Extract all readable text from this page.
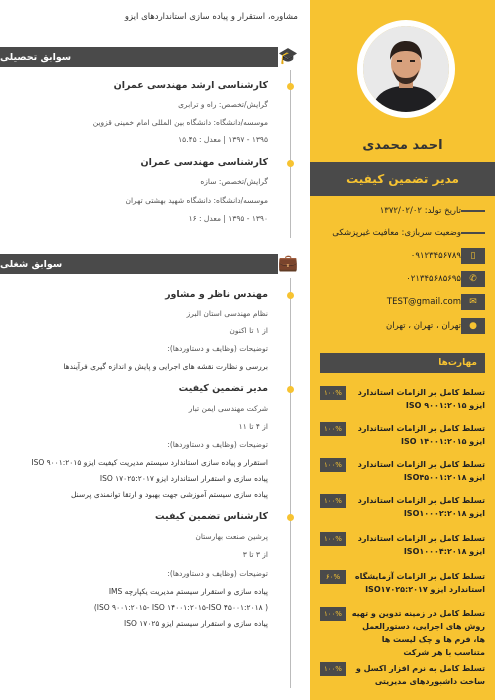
احمد محمدی
مدیر تضمین کیفیت
تاریخ تولد: ۱۳۷۲/۰۲/۰۲
وضعیت سربازی: معافیت غیرپزشکی
▯
۰۹۱۲۳۴۵۶۷۸۹
✆
۰۲۱۳۴۵۶۸۵۶۹۵
✉
TEST@gmail.com
●
تهران ، تهران ، تهران
مهارت‌ها
تسلط کامل بر الزامات استاندارد ایزو ISO ۹۰۰۱:۲۰۱۵
۱۰۰%
تسلط کامل بر الزامات استاندارد ایزو ISO ۱۴۰۰۱:۲۰۱۵
۱۰۰%
تسلط کامل بر الزامات استاندارد ایزو ISO۴۵۰۰۱:۲۰۱۸
۱۰۰%
تسلط کامل بر الزامات استاندارد ایزو ISO۱۰۰۰۲:۲۰۱۸
۱۰۰%
تسلط کامل بر الزامات استاندارد ایزو ISO۱۰۰۰۴:۲۰۱۸
۱۰۰%
تسلط کامل بر الزامات آزمایشگاه استاندارد ایزو ISO۱۷۰۲۵:۲۰۱۷
۶۰%
تسلط کامل در زمینه تدوین و تهیه روش های اجرایی، دستورالعمل ها، فرم ها و چک لیست ها متناسب با هر شرکت
۱۰۰%
تسلط کامل به نرم افزار اکسل و ساخت داشبوردهای مدیریتی
۱۰۰%
مشاوره، استقرار و پیاده سازی استانداردهای ایزو
سوابق تحصیلی	🎓
کارشناسی ارشد مهندسی عمران
گرایش/تخصص: راه و ترابری
موسسه/دانشگاه: دانشگاه بین المللی امام خمینی قزوین
۱۳۹۵ - ۱۳۹۷ | معدل : ۱۵.۴۵
کارشناسی مهندسی عمران
گرایش/تخصص: سازه
موسسه/دانشگاه: دانشگاه شهید بهشتی تهران
۱۳۹۰ - ۱۳۹۵ | معدل : ۱۶
سوابق شغلی	💼
مهندس ناظر و مشاور
نظام مهندسی استان البرز
از ۱ تا اکنون
توضیحات (وظایف و دستاوردها):
بررسی و نظارت نقشه های اجرایی و پایش و اندازه گیری فرآیندها
مدیر تضمین کیفیت
شرکت مهندسی ایمن تبار
از ۴ تا ۱۱
توضیحات (وظایف و دستاوردها):
استقرار و پیاده سازی استاندارد سیستم مدیریت کیفیت ایزو ISO ۹۰۰۱:۲۰۱۵
پیاده سازی و استقرار استاندارد ایزو ISO ۱۷۰۲۵:۲۰۱۷
پیاده سازی سیستم آموزشی جهت بهبود و ارتقا توانمندی پرسنل
کارشناس تضمین کیفیت
پرشین صنعت بهارستان
از ۳ تا ۳
توضیحات (وظایف و دستاوردها):
پیاده سازی و استقرار سیستم مدیریت یکپارچه IMS
( ISO ۹۰۰۱:۲۰۱۵- ISO ۱۴۰۰۱:۲۰۱۵-ISO ۴۵۰۰۱:۲۰۱۸)
پیاده سازی و استقرار سیستم ایزو ISO ۱۷۰۲۵
